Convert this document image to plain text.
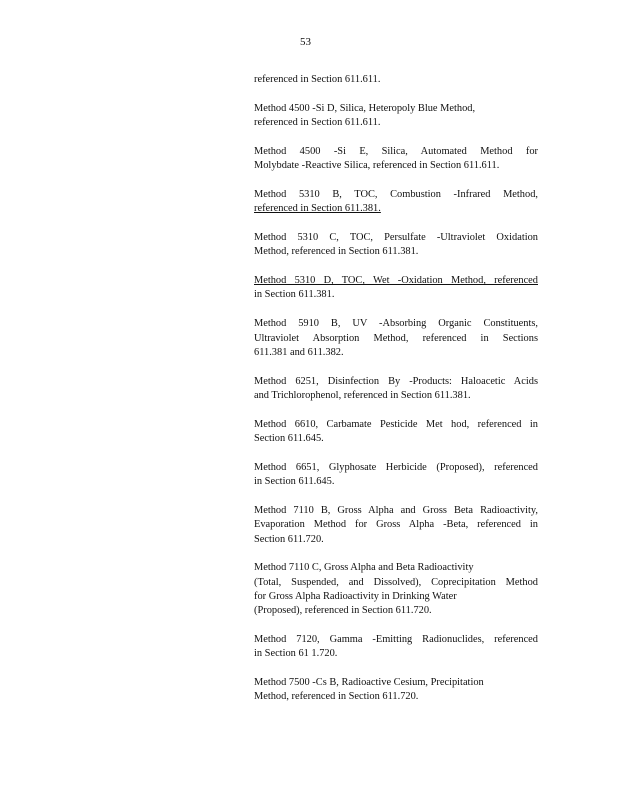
53
referenced in Section 611.611.
Method 4500 -Si D, Silica, Heteropoly Blue Method,
referenced in Section 611.611.
Method 4500 -Si E, Silica, Automated Method for
Molybdate -Reactive Silica, referenced in Section 611.611.
Method 5310 B, TOC, Combustion -Infrared Method,
referenced in Section 611.381.
Method 5310 C, TOC, Persulfate -Ultraviolet Oxidation
Method, referenced in Section 611.381.
Method 5310 D, TOC, Wet -Oxidation Method, referenced
in Section 611.381.
Method 5910 B, UV -Absorbing Organic Constituents,
Ultraviolet Absorption Method, referenced in Sections
611.381 and 611.382.
Method 6251, Disinfection By -Products: Haloacetic Acids
and Trichlorophenol, referenced in Section 611.381.
Method 6610, Carbamate Pesticide Met hod, referenced in
Section 611.645.
Method 6651, Glyphosate Herbicide (Proposed), referenced
in Section 611.645.
Method 7110 B, Gross Alpha and Gross Beta Radioactivity,
Evaporation Method for Gross Alpha -Beta, referenced in
Section 611.720.
Method 7110 C, Gross Alpha and Beta Radioactivity
(Total, Suspended, and Dissolved), Coprecipitation Method
for Gross Alpha Radioactivity in Drinking Water
(Proposed), referenced in Section 611.720.
Method 7120, Gamma -Emitting Radionuclides, referenced
in Section 61 1.720.
Method 7500 -Cs B, Radioactive Cesium, Precipitation
Method, referenced in Section 611.720.
